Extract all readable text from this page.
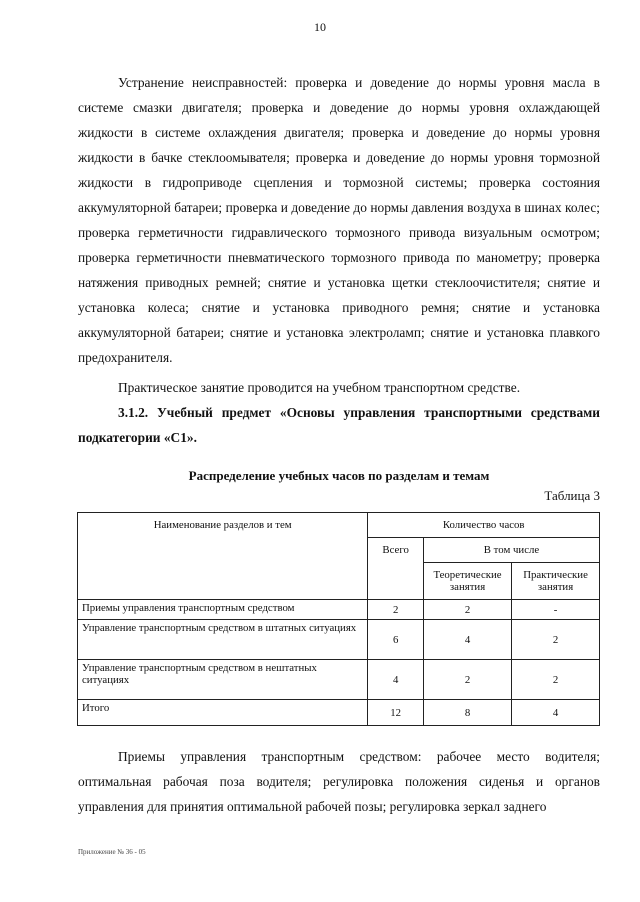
10

Устранение неисправностей: проверка и доведение до нормы уровня масла в системе смазки двигателя; проверка и доведение до нормы уровня охлаждающей жидкости в системе охлаждения двигателя; проверка и доведение до нормы уровня жидкости в бачке стеклоомывателя; проверка и доведение до нормы уровня тормозной жидкости в гидроприводе сцепления и тормозной системы; проверка состояния аккумуляторной батареи; проверка и доведение до нормы давления воздуха в шинах колес; проверка герметичности гидравлического тормозного привода визуальным осмотром; проверка герметичности пневматического тормозного привода по манометру; проверка натяжения приводных ремней; снятие и установка щетки стеклоочистителя; снятие и установка колеса; снятие и установка приводного ремня; снятие и установка аккумуляторной батареи; снятие и установка электроламп; снятие и установка плавкого предохранителя.

Практическое занятие проводится на учебном транспортном средстве.

3.1.2. Учебный предмет «Основы управления транспортными средствами подкатегории «С1».

Распределение учебных часов по разделам и темам
Таблица 3
Наименование разделов и тем	Количество часов		
	Всего	В том числе	
		Теоретические занятия	Практические занятия
Приемы управления транспортным средством	2	2	-
Управление транспортным средством в штатных ситуациях	6	4	2
Управление транспортным средством в нештатных ситуациях	4	2	2
Итого	12	8	4

Приемы управления транспортным средством: рабочее место водителя; оптимальная рабочая поза водителя; регулировка положения сиденья и органов управления для принятия оптимальной рабочей позы; регулировка зеркал заднего

Приложение № 36 - 05
